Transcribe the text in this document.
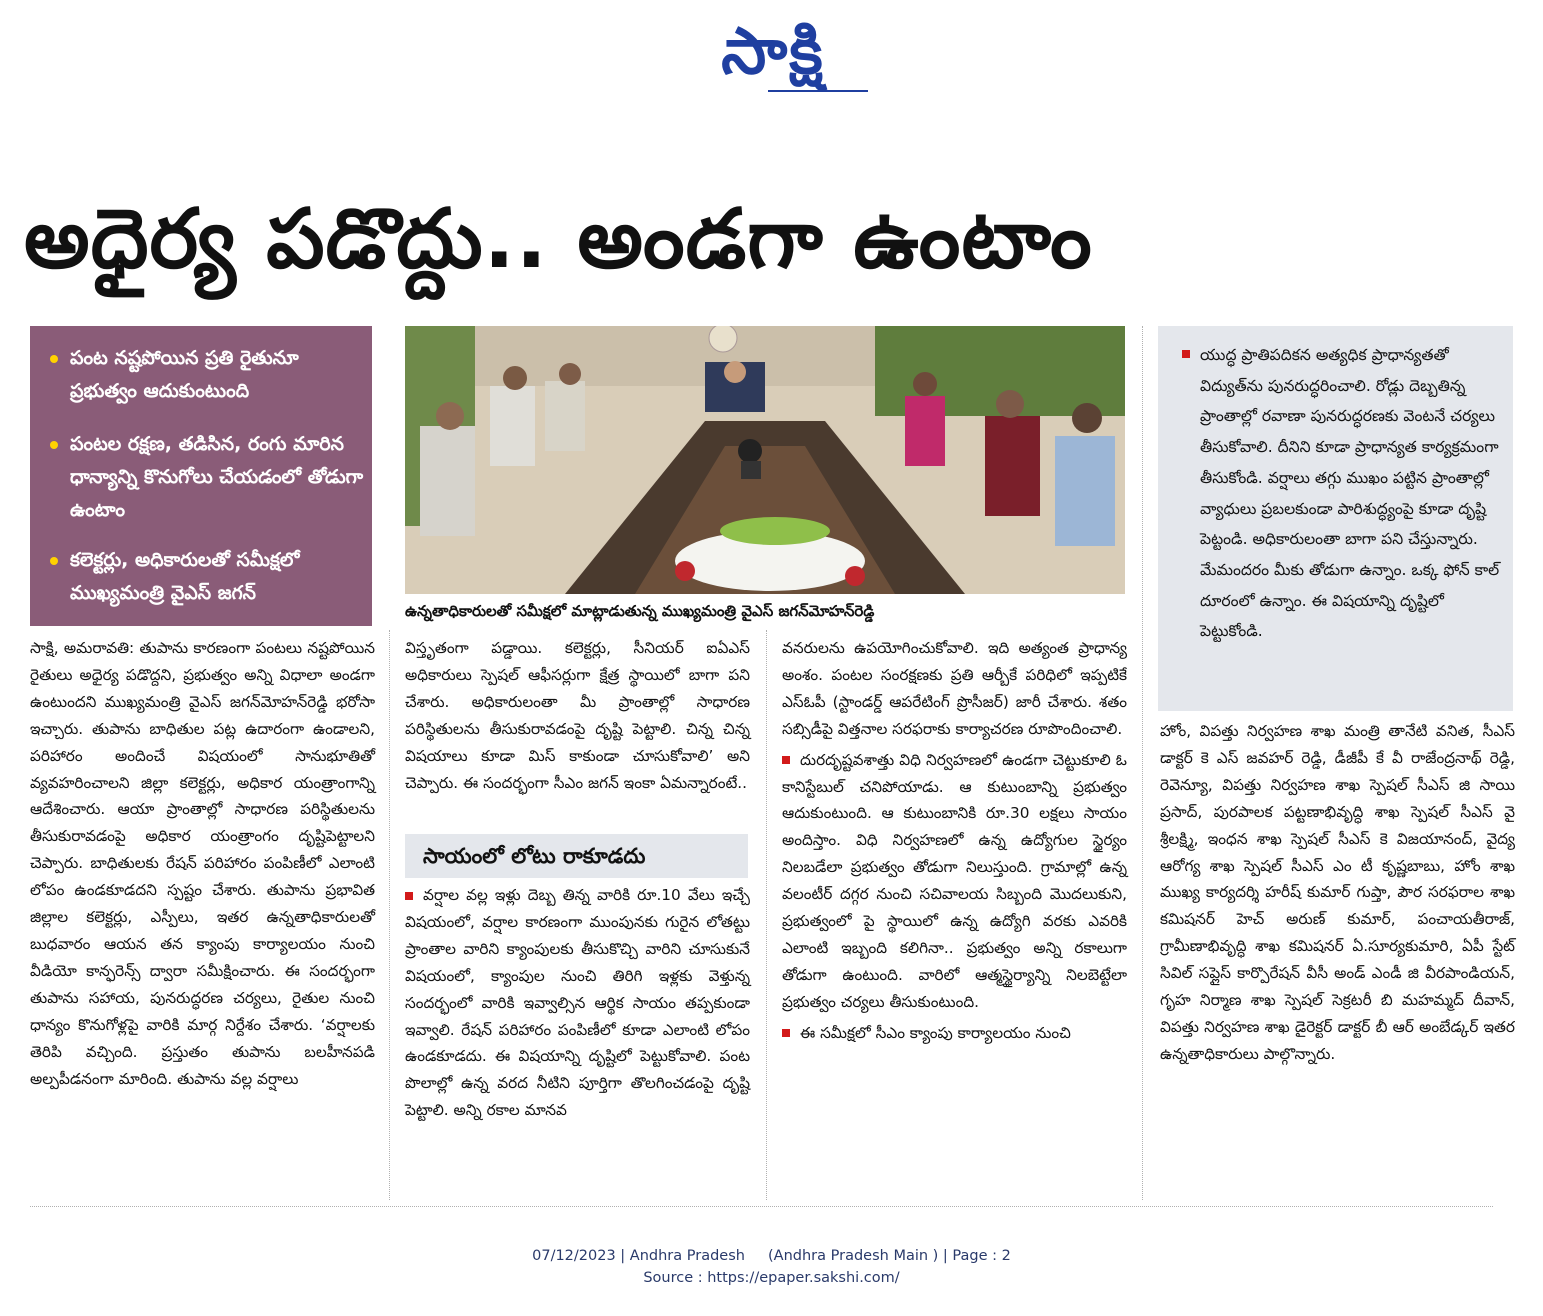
సాక్షి
అధైర్య పడొద్దు.. అండగా ఉంటాం
పంట నష్టపోయిన ప్రతి రైతునూ ప్రభుత్వం ఆదుకుంటుంది
పంటల రక్షణ, తడిసిన, రంగు మారిన ధాన్యాన్ని కొనుగోలు చేయడంలో తోడుగా ఉంటాం
కలెక్టర్లు, అధికారులతో సమీక్షలో ముఖ్యమంత్రి వైఎస్‌ జగన్‌
ఉన్నతాధికారులతో సమీక్షలో మాట్లాడుతున్న ముఖ్యమంత్రి వైఎస్‌ జగన్‌మోహన్‌రెడ్డి
యుద్ధ ప్రాతిపదికన అత్యధిక ప్రాధాన్యతతో విద్యుత్‌ను పునరుద్ధరించాలి. రోడ్లు దెబ్బతిన్న ప్రాంతాల్లో రవాణా పునరుద్ధరణకు వెంటనే చర్యలు తీసుకోవాలి. దీనిని కూడా ప్రాధాన్యత కార్యక్రమంగా తీసుకోండి. వర్షాలు తగ్గు ముఖం పట్టిన ప్రాంతాల్లో వ్యాధులు ప్రబలకుండా పారిశుద్ధ్యంపై కూడా దృష్టి పెట్టండి. అధికారులంతా బాగా పని చేస్తున్నారు. మేమందరం మీకు తోడుగా ఉన్నాం. ఒక్క ఫోన్‌ కాల్‌ దూరంలో ఉన్నాం. ఈ విషయాన్ని దృష్టిలో పెట్టుకోండి.
సాక్షి, అమరావతి: తుపాను కారణంగా పంటలు నష్టపోయిన రైతులు అధైర్య పడొద్దని, ప్రభుత్వం అన్ని విధాలా అండగా ఉంటుందని ముఖ్యమంత్రి వైఎస్‌ జగన్‌మోహన్‌రెడ్డి భరోసా ఇచ్చారు. తుపాను బాధితుల పట్ల ఉదారంగా ఉండాలని, పరిహారం అందించే విషయంలో సానుభూతితో వ్యవహరించాలని జిల్లా కలెక్టర్లు, అధికార యంత్రాంగాన్ని ఆదేశించారు. ఆయా ప్రాంతాల్లో సాధారణ పరిస్థితులను తీసుకురావడంపై అధికార యంత్రాంగం దృష్టిపెట్టాలని చెప్పారు. బాధితులకు రేషన్‌ పరిహారం పంపిణీలో ఎలాంటి లోపం ఉండకూడదని స్పష్టం చేశారు. తుపాను ప్రభావిత జిల్లాల కలెక్టర్లు, ఎస్పీలు, ఇతర ఉన్నతాధికారులతో బుధవారం ఆయన తన క్యాంపు కార్యాలయం నుంచి వీడియో కాన్ఫరెన్స్‌ ద్వారా సమీక్షించారు. ఈ సందర్భంగా తుపాను సహాయ, పునరుద్ధరణ చర్యలు, రైతుల నుంచి ధాన్యం కొనుగోళ్లపై వారికి మార్గ నిర్దేశం చేశారు. ‘వర్షాలకు తెరిపి వచ్చింది. ప్రస్తుతం తుపాను బలహీనపడి అల్పపీడనంగా మారింది. తుపాను వల్ల వర్షాలు
విస్తృతంగా పడ్డాయి. కలెక్టర్లు, సీనియర్‌ ఐఏఎస్‌ అధికారులు స్పెషల్‌ ఆఫీసర్లుగా క్షేత్ర స్థాయిలో బాగా పని చేశారు. అధికారులంతా మీ ప్రాంతాల్లో సాధారణ పరిస్థితులను తీసుకురావడంపై దృష్టి పెట్టాలి. చిన్న చిన్న విషయాలు కూడా మిస్‌ కాకుండా చూసుకోవాలి’ అని చెప్పారు. ఈ సందర్భంగా సీఎం జగన్‌ ఇంకా ఏమన్నారంటే..
సాయంలో లోటు రాకూడదు
వర్షాల వల్ల ఇళ్లు దెబ్బ తిన్న వారికి రూ.10 వేలు ఇచ్చే విషయంలో, వర్షాల కారణంగా ముంపునకు గురైన లోతట్టు ప్రాంతాల వారిని క్యాంపులకు తీసుకొచ్చి వారిని చూసుకునే విషయంలో, క్యాంపుల నుంచి తిరిగి ఇళ్లకు వెళ్తున్న సందర్భంలో వారికి ఇవ్వాల్సిన ఆర్థిక సాయం తప్పకుండా ఇవ్వాలి. రేషన్‌ పరిహారం పంపిణీలో కూడా ఎలాంటి లోపం ఉండకూడదు. ఈ విషయాన్ని దృష్టిలో పెట్టుకోవాలి. పంట పొలాల్లో ఉన్న వరద నీటిని పూర్తిగా తొలగించడంపై దృష్టి పెట్టాలి. అన్ని రకాల మానవ
వనరులను ఉపయోగించుకోవాలి. ఇది అత్యంత ప్రాధాన్య అంశం. పంటల సంరక్షణకు ప్రతి ఆర్బీకే పరిధిలో ఇప్పటికే ఎస్‌ఓపీ (స్టాండర్డ్‌ ఆపరేటింగ్‌ ప్రొసీజర్‌) జారీ చేశారు. శతం సబ్సిడీపై విత్తనాల సరఫరాకు కార్యాచరణ రూపొందించాలి.
దురదృష్టవశాత్తు విధి నిర్వహణలో ఉండగా చెట్టుకూలి ఓ కానిస్టేబుల్‌ చనిపోయాడు. ఆ కుటుంబాన్ని ప్రభుత్వం ఆదుకుంటుంది. ఆ కుటుంబానికి రూ.30 లక్షలు సాయం అందిస్తాం. విధి నిర్వహణలో ఉన్న ఉద్యోగుల స్థైర్యం నిలబడేలా ప్రభుత్వం తోడుగా నిలుస్తుంది. గ్రామాల్లో ఉన్న వలంటీర్‌ దగ్గర నుంచి సచివాలయ సిబ్బంది మొదలుకుని, ప్రభుత్వంలో పై స్థాయిలో ఉన్న ఉద్యోగి వరకు ఎవరికి ఎలాంటి ఇబ్బంది కలిగినా.. ప్రభుత్వం అన్ని రకాలుగా తోడుగా ఉంటుంది. వారిలో ఆత్మస్థైర్యాన్ని నిలబెట్టేలా ప్రభుత్వం చర్యలు తీసుకుంటుంది.
ఈ సమీక్షలో సీఎం క్యాంపు కార్యాలయం నుంచి
హోం, విపత్తు నిర్వహణ శాఖ మంత్రి తానేటి వనిత, సీఎస్‌ డాక్టర్‌ కె ఎస్‌ జవహర్‌ రెడ్డి, డీజీపీ కే వీ రాజేంద్రనాథ్‌ రెడ్డి, రెవెన్యూ, విపత్తు నిర్వహణ శాఖ స్పెషల్‌ సీఎస్‌ జి సాయి ప్రసాద్, పురపాలక పట్టణాభివృద్ధి శాఖ స్పెషల్‌ సీఎస్‌ వై శ్రీలక్ష్మి, ఇంధన శాఖ స్పెషల్‌ సీఎస్‌ కె విజయానంద్, వైద్య ఆరోగ్య శాఖ స్పెషల్‌ సీఎస్‌ ఎం టీ కృష్ణబాబు, హోం శాఖ ముఖ్య కార్యదర్శి హరీష్‌ కుమార్‌ గుప్తా, పౌర సరఫరాల శాఖ కమిషనర్‌ హెచ్‌ అరుణ్‌ కుమార్, పంచాయతీరాజ్, గ్రామీణాభివృద్ధి శాఖ కమిషనర్‌ ఏ.సూర్యకుమారి, ఏపీ స్టేట్‌ సివిల్‌ సప్లైస్‌ కార్పొరేషన్‌ వీసీ అండ్‌ ఎండీ జి వీరపాండియన్, గృహ నిర్మాణ శాఖ స్పెషల్‌ సెక్రటరీ బి మహమ్మద్‌ దీవాన్, విపత్తు నిర్వహణ శాఖ డైరెక్టర్‌ డాక్టర్‌ బీ ఆర్‌ అంబేడ్కర్‌ ఇతర ఉన్నతాధికారులు పాల్గొన్నారు.
07/12/2023 | Andhra Pradesh     (Andhra Pradesh Main ) | Page : 2
Source : https://epaper.sakshi.com/
